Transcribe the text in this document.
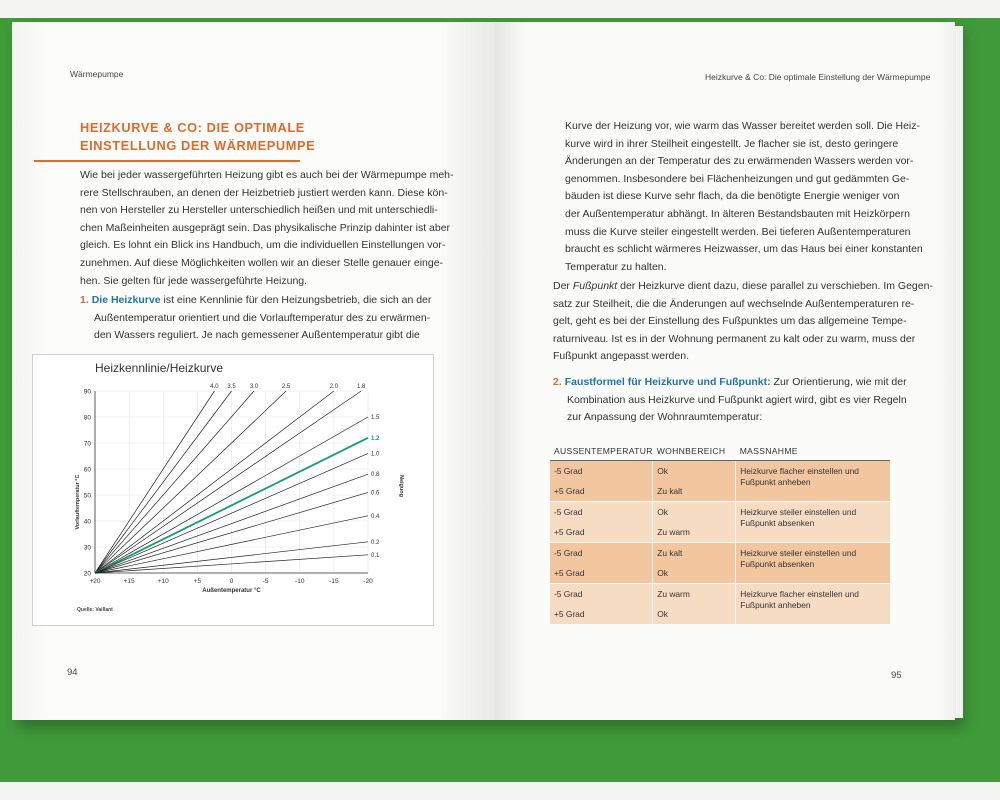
Wärmepumpe
HEIZKURVE & CO: DIE OPTIMALE
EINSTELLUNG DER WÄRMEPUMPE
Wie bei jeder wassergeführten Heizung gibt es auch bei der Wärmepumpe meh-
rere Stellschrauben, an denen der Heizbetrieb justiert werden kann. Diese kön-
nen von Hersteller zu Hersteller unterschiedlich heißen und mit unterschiedli-
chen Maßeinheiten ausgeprägt sein. Das physikalische Prinzip dahinter ist aber
gleich. Es lohnt ein Blick ins Handbuch, um die individuellen Einstellungen vor-
zunehmen. Auf diese Möglichkeiten wollen wir an dieser Stelle genauer einge-
hen. Sie gelten für jede wassergeführte Heizung.
1. Die Heizkurve ist eine Kennlinie für den Heizungsbetrieb, die sich an der
Außentemperatur orientiert und die Vorlauftemperatur des zu erwärmen-
den Wassers reguliert. Je nach gemessener Außentemperatur gibt die
Heizkennlinie/Heizkurve
20
30
40
50
60
70
80
90
+20	+15	+10	+5	0	-5	-10	-15	-20
Außentemperatur °C
Vorlauftemperatur °C	Neigung
4.0 3.5 3.0	2.5	2.0	1.8
1.5
1.2
1.0
0.8
0.6
0.4
0.2
0.1
Quelle: Vaillant
94
Heizkurve & Co: Die optimale Einstellung der Wärmepumpe
Kurve der Heizung vor, wie warm das Wasser bereitet werden soll. Die Heiz-
kurve wird in ihrer Steilheit eingestellt. Je flacher sie ist, desto geringere
Änderungen an der Temperatur des zu erwärmenden Wassers werden vor-
genommen. Insbesondere bei Flächenheizungen und gut gedämmten Ge-
bäuden ist diese Kurve sehr flach, da die benötigte Energie weniger von
der Außentemperatur abhängt. In älteren Bestandsbauten mit Heizkörpern
muss die Kurve steiler eingestellt werden. Bei tieferen Außentemperaturen
braucht es schlicht wärmeres Heizwasser, um das Haus bei einer konstanten
Temperatur zu halten.
Der Fußpunkt der Heizkurve dient dazu, diese parallel zu verschieben. Im Gegen-
satz zur Steilheit, die die Änderungen auf wechselnde Außentemperaturen re-
gelt, geht es bei der Einstellung des Fußpunktes um das allgemeine Tempe-
raturniveau. Ist es in der Wohnung permanent zu kalt oder zu warm, muss der
Fußpunkt angepasst werden.
2. Faustformel für Heizkurve und Fußpunkt: Zur Orientierung, wie mit der
Kombination aus Heizkurve und Fußpunkt agiert wird, gibt es vier Regeln
zur Anpassung der Wohnraumtemperatur:
AUSSENTEMPERATUR	WOHNBEREICH	MASSNAHME
-5 Grad	Ok	Heizkurve flacher einstellen und
Fußpunkt anheben

+5 Grad	Zu kalt	
-5 Grad	Ok	Heizkurve steiler einstellen und
Fußpunkt absenken

+5 Grad	Zu warm	
-5 Grad	Zu kalt	Heizkurve steiler einstellen und
Fußpunkt absenken

+5 Grad	Ok	
-5 Grad	Zu warm	Heizkurve flacher einstellen und
Fußpunkt anheben

+5 Grad	Ok	
95
